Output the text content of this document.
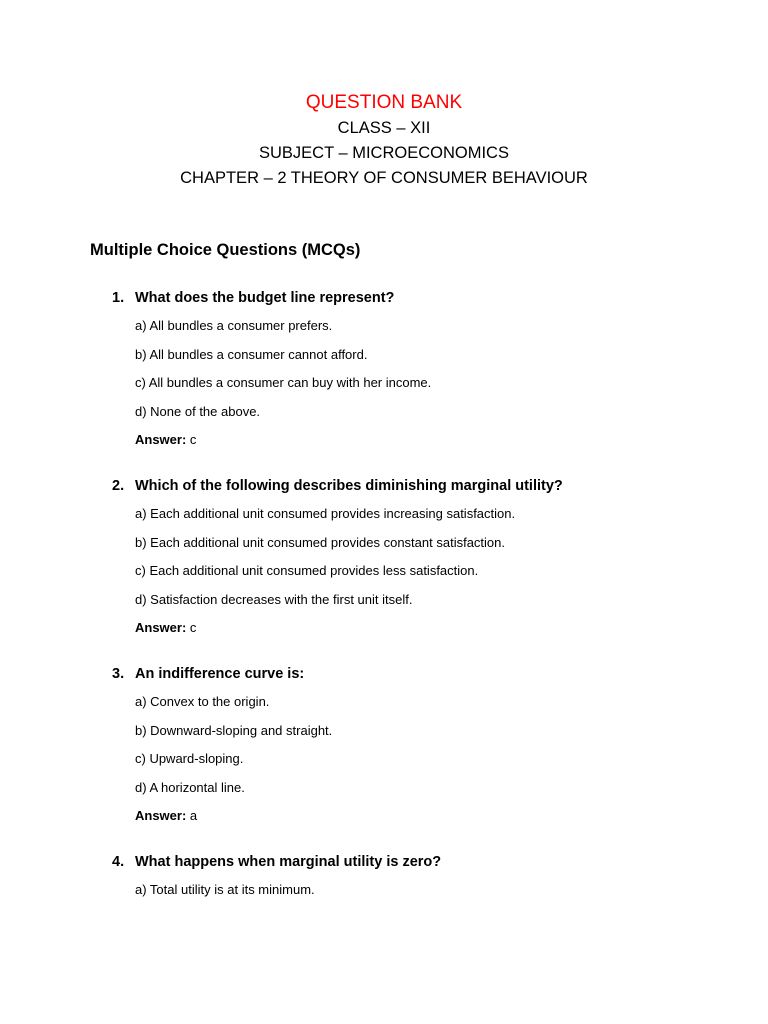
QUESTION BANK
CLASS – XII
SUBJECT – MICROECONOMICS
CHAPTER – 2 THEORY OF CONSUMER BEHAVIOUR
Multiple Choice Questions (MCQs)
1. What does the budget line represent?
a) All bundles a consumer prefers.
b) All bundles a consumer cannot afford.
c) All bundles a consumer can buy with her income.
d) None of the above.
Answer: c
2. Which of the following describes diminishing marginal utility?
a) Each additional unit consumed provides increasing satisfaction.
b) Each additional unit consumed provides constant satisfaction.
c) Each additional unit consumed provides less satisfaction.
d) Satisfaction decreases with the first unit itself.
Answer: c
3. An indifference curve is:
a) Convex to the origin.
b) Downward-sloping and straight.
c) Upward-sloping.
d) A horizontal line.
Answer: a
4. What happens when marginal utility is zero?
a) Total utility is at its minimum.
